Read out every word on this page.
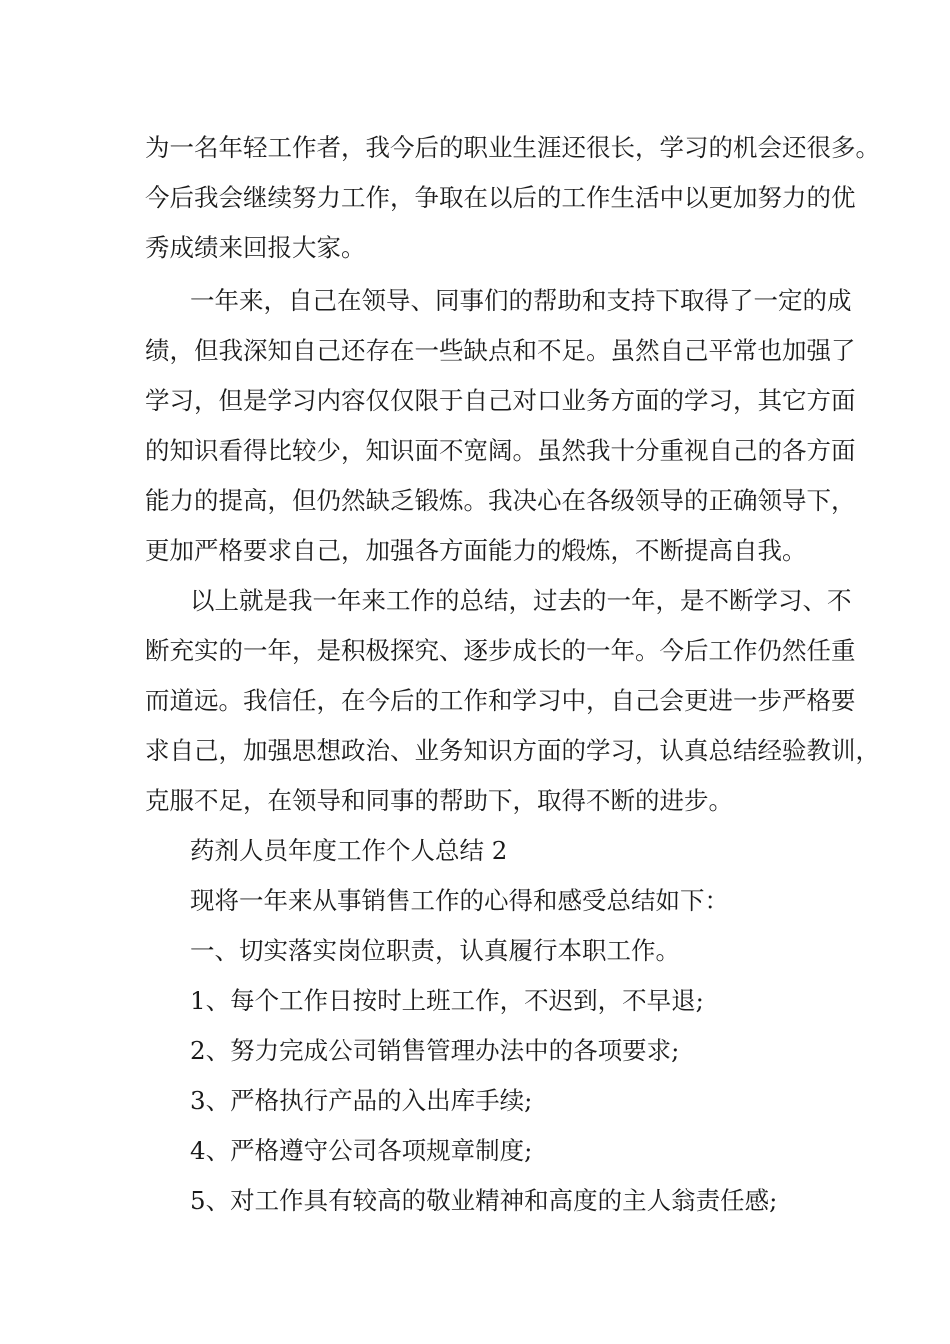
为一名年轻工作者，我今后的职业生涯还很长，学习的机会还很多。
今后我会继续努力工作，争取在以后的工作生活中以更加努力的优
秀成绩来回报大家。
一年来，自己在领导、同事们的帮助和支持下取得了一定的成
绩，但我深知自己还存在一些缺点和不足。虽然自己平常也加强了
学习，但是学习内容仅仅限于自己对口业务方面的学习，其它方面
的知识看得比较少，知识面不宽阔。虽然我十分重视自己的各方面
能力的提高，但仍然缺乏锻炼。我决心在各级领导的正确领导下，
更加严格要求自己，加强各方面能力的煅炼，不断提高自我。
以上就是我一年来工作的总结，过去的一年，是不断学习、不
断充实的一年，是积极探究、逐步成长的一年。今后工作仍然任重
而道远。我信任，在今后的工作和学习中，自己会更进一步严格要
求自己，加强思想政治、业务知识方面的学习，认真总结经验教训，
克服不足，在领导和同事的帮助下，取得不断的进步。
药剂人员年度工作个人总结 2
现将一年来从事销售工作的心得和感受总结如下：
一、切实落实岗位职责，认真履行本职工作。
1、每个工作日按时上班工作，不迟到，不早退;
2、努力完成公司销售管理办法中的各项要求;
3、严格执行产品的入出库手续;
4、严格遵守公司各项规章制度;
5、对工作具有较高的敬业精神和高度的主人翁责任感;
